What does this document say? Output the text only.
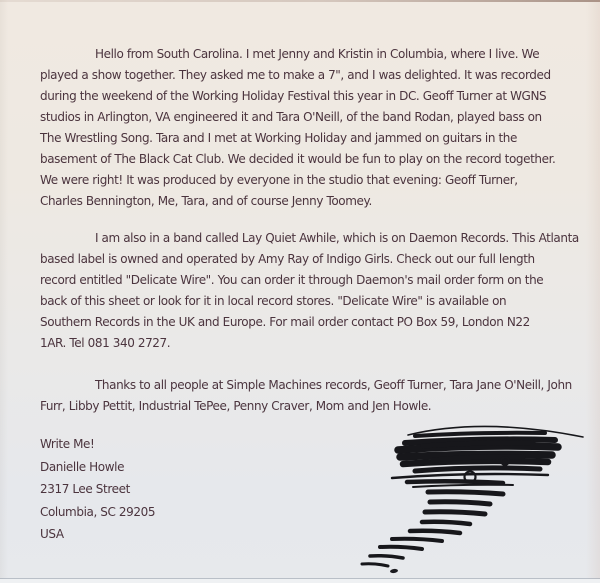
Hello from South Carolina. I met Jenny and Kristin in Columbia, where I live. We
played a show together. They asked me to make a 7", and I was delighted. It was recorded
during the weekend of the Working Holiday Festival this year in DC. Geoff Turner at WGNS
studios in Arlington, VA engineered it and Tara O'Neill, of the band Rodan, played bass on
The Wrestling Song. Tara and I met at Working Holiday and jammed on guitars in the
basement of The Black Cat Club. We decided it would be fun to play on the record together.
We were right! It was produced by everyone in the studio that evening: Geoff Turner,
Charles Bennington, Me, Tara, and of course Jenny Toomey.
I am also in a band called Lay Quiet Awhile, which is on Daemon Records. This Atlanta
based label is owned and operated by Amy Ray of Indigo Girls. Check out our full length
record entitled "Delicate Wire". You can order it through Daemon's mail order form on the
back of this sheet or look for it in local record stores. "Delicate Wire" is available on
Southern Records in the UK and Europe. For mail order contact PO Box 59, London N22
1AR. Tel 081 340 2727.
Thanks to all people at Simple Machines records, Geoff Turner, Tara Jane O'Neill, John
Furr, Libby Pettit, Industrial TePee, Penny Craver, Mom and Jen Howle.
Write Me!
Danielle Howle
2317 Lee Street
Columbia, SC 29205
USA
